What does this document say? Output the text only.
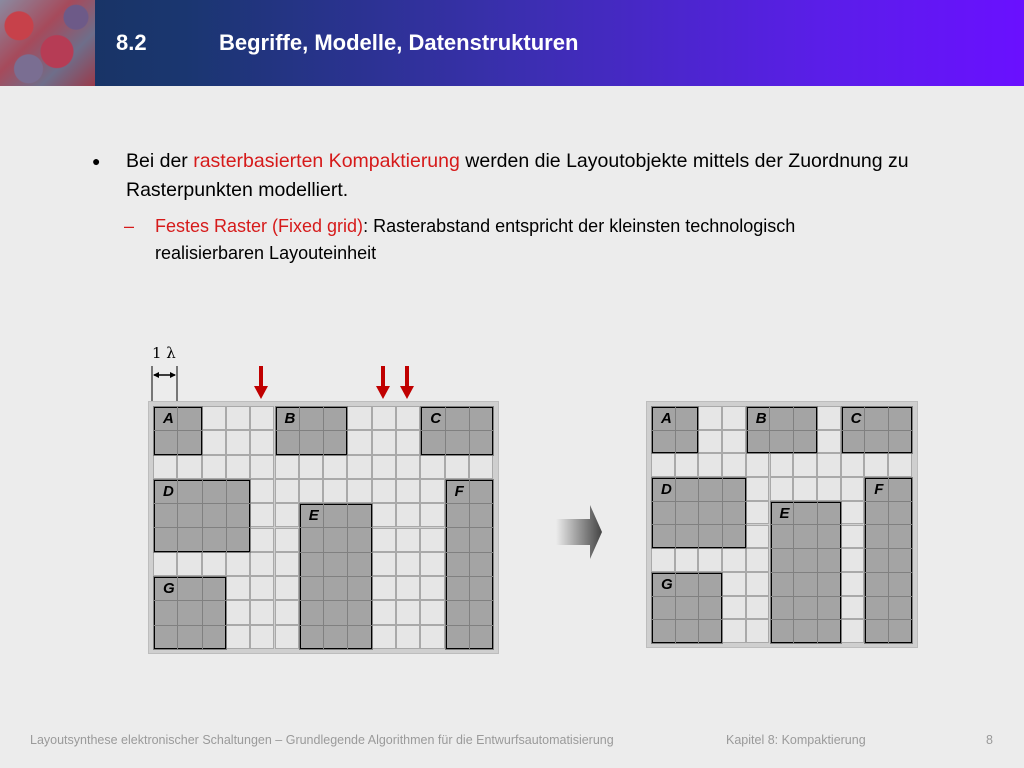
8.2	Begriffe, Modelle, Datenstrukturen
●	Bei der rasterbasierten Kompaktierung werden die Layoutobjekte mittels der Zuordnung zu Rasterpunkten modelliert.
–	Festes Raster (Fixed grid): Rasterabstand entspricht der kleinsten technologisch realisierbaren Layouteinheit
1 λ
A	B	C
D
E
F
G
A	B	C
D
E
F
G
Layoutsynthese elektronischer Schaltungen – Grundlegende Algorithmen für die Entwurfsautomatisierung	Kapitel 8: Kompaktierung	8
